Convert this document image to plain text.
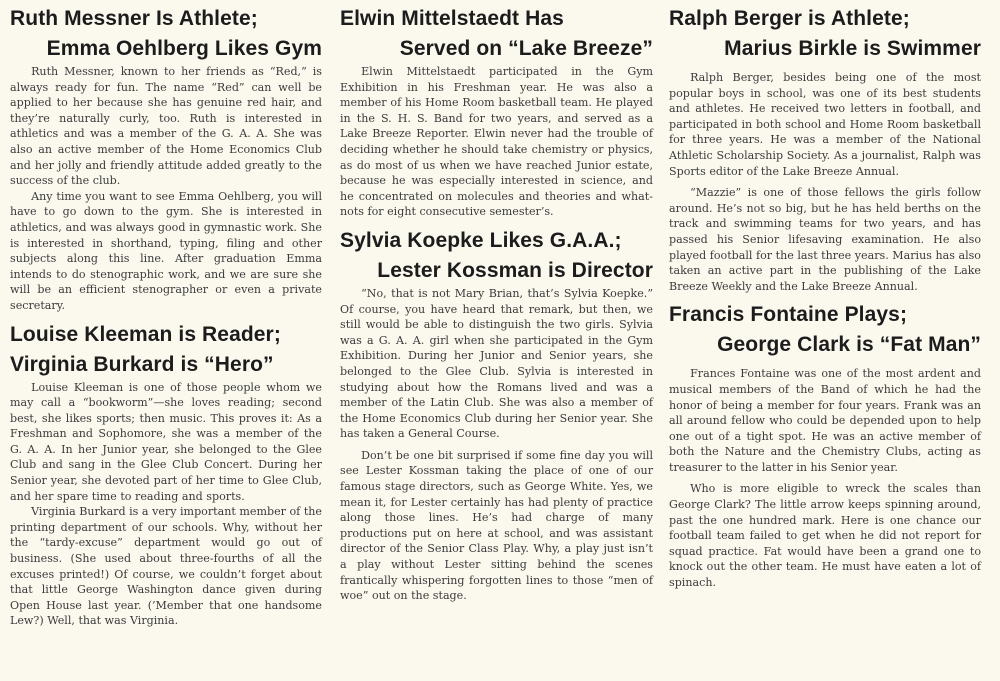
Ruth Messner Is Athlete;
Emma Oehlberg Likes Gym

Ruth Messner, known to her friends as “Red,” is always ready for fun. The name “Red” can well be applied to her because she has genuine red hair, and they’re naturally curly, too. Ruth is interested in athletics and was a member of the G. A. A. She was also an active member of the Home Economics Club and her jolly and friendly attitude added greatly to the success of the club.

Any time you want to see Emma Oehlberg, you will have to go down to the gym. She is interested in athletics, and was always good in gymnastic work. She is interested in shorthand, typing, filing and other subjects along this line. After graduation Emma intends to do stenographic work, and we are sure she will be an efficient stenographer or even a private secretary.

Louise Kleeman is Reader;
Virginia Burkard is “Hero”

Louise Kleeman is one of those people whom we may call a “bookworm”—she loves reading; second best, she likes sports; then music. This proves it: As a Freshman and Sophomore, she was a member of the G. A. A. In her Junior year, she belonged to the Glee Club and sang in the Glee Club Concert. During her Senior year, she devoted part of her time to Glee Club, and her spare time to reading and sports.

Virginia Burkard is a very important member of the printing department of our schools. Why, without her the “tardy-excuse” department would go out of business. (She used about three-fourths of all the excuses printed!) Of course, we couldn’t forget about that little George Washington dance given during Open House last year. (’Member that one handsome Lew?) Well, that was Virginia.

Elwin Mittelstaedt Has
Served on “Lake Breeze”

Elwin Mittelstaedt participated in the Gym Exhibition in his Freshman year. He was also a member of his Home Room basketball team. He played in the S. H. S. Band for two years, and served as a Lake Breeze Reporter. Elwin never had the trouble of deciding whether he should take chemistry or physics, as do most of us when we have reached Junior estate, because he was especially interested in science, and he concentrated on molecules and theories and what-nots for eight consecutive semester’s.

Sylvia Koepke Likes G.A.A.;
Lester Kossman is Director

“No, that is not Mary Brian, that’s Sylvia Koepke.” Of course, you have heard that remark, but then, we still would be able to distinguish the two girls. Sylvia was a G. A. A. girl when she participated in the Gym Exhibition. During her Junior and Senior years, she belonged to the Glee Club. Sylvia is interested in studying about how the Romans lived and was a member of the Latin Club. She was also a member of the Home Economics Club during her Senior year. She has taken a General Course.

Don’t be one bit surprised if some fine day you will see Lester Kossman taking the place of one of our famous stage directors, such as George White. Yes, we mean it, for Lester certainly has had plenty of practice along those lines. He’s had charge of many productions put on here at school, and was assistant director of the Senior Class Play. Why, a play just isn’t a play without Lester sitting behind the scenes frantically whispering forgotten lines to those “men of woe” out on the stage.

Ralph Berger is Athlete;
Marius Birkle is Swimmer

Ralph Berger, besides being one of the most popular boys in school, was one of its best students and athletes. He received two letters in football, and participated in both school and Home Room basketball for three years. He was a member of the National Athletic Scholarship Society. As a journalist, Ralph was Sports editor of the Lake Breeze Annual.

“Mazzie” is one of those fellows the girls follow around. He’s not so big, but he has held berths on the track and swimming teams for two years, and has passed his Senior lifesaving examination. He also played football for the last three years. Marius has also taken an active part in the publishing of the Lake Breeze Weekly and the Lake Breeze Annual.

Francis Fontaine Plays;
George Clark is “Fat Man”

Frances Fontaine was one of the most ardent and musical members of the Band of which he had the honor of being a member for four years. Frank was an all around fellow who could be depended upon to help one out of a tight spot. He was an active member of both the Nature and the Chemistry Clubs, acting as treasurer to the latter in his Senior year.

Who is more eligible to wreck the scales than George Clark? The little arrow keeps spinning around, past the one hundred mark. Here is one chance our football team failed to get when he did not report for squad practice. Fat would have been a grand one to knock out the other team. He must have eaten a lot of spinach.
